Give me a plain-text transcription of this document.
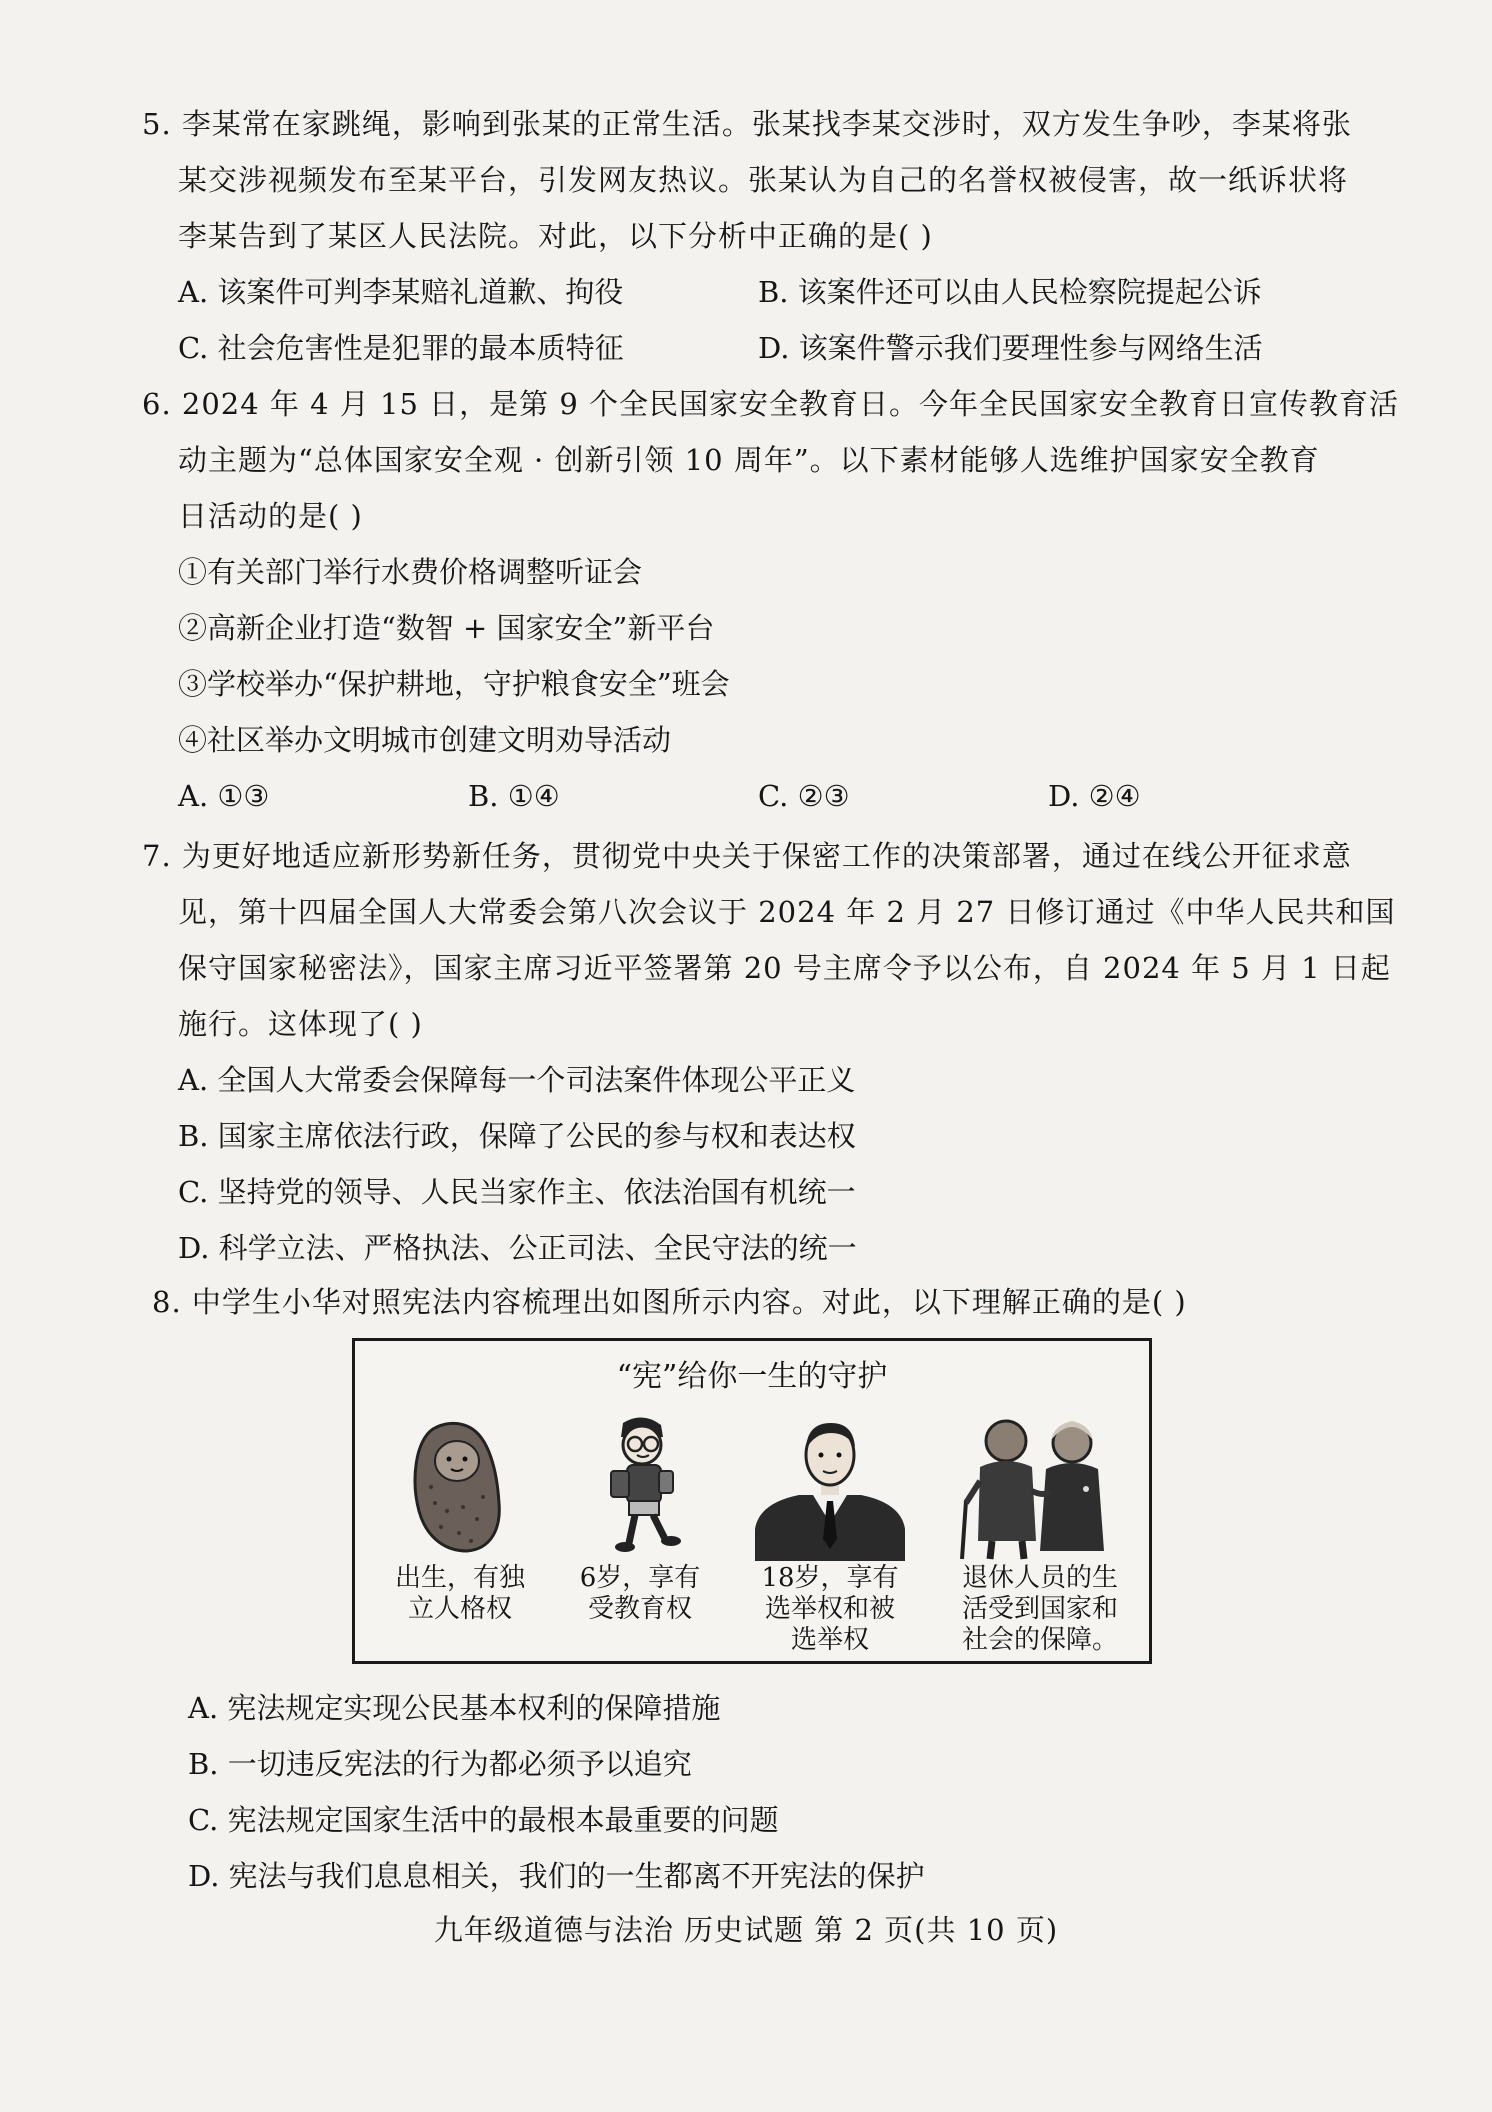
5. 李某常在家跳绳，影响到张某的正常生活。张某找李某交涉时，双方发生争吵，李某将张
某交涉视频发布至某平台，引发网友热议。张某认为自己的名誉权被侵害，故一纸诉状将
李某告到了某区人民法院。对此，以下分析中正确的是( )
A. 该案件可判李某赔礼道歉、拘役	B. 该案件还可以由人民检察院提起公诉
C. 社会危害性是犯罪的最本质特征	D. 该案件警示我们要理性参与网络生活
6. 2024 年 4 月 15 日，是第 9 个全民国家安全教育日。今年全民国家安全教育日宣传教育活
动主题为“总体国家安全观 · 创新引领 10 周年”。以下素材能够人选维护国家安全教育
日活动的是( )
①有关部门举行水费价格调整听证会
②高新企业打造“数智 + 国家安全”新平台
③学校举办“保护耕地，守护粮食安全”班会
④社区举办文明城市创建文明劝导活动
A. ①③	B. ①④	C. ②③	D. ②④
7. 为更好地适应新形势新任务，贯彻党中央关于保密工作的决策部署，通过在线公开征求意
见，第十四届全国人大常委会第八次会议于 2024 年 2 月 27 日修订通过《中华人民共和国
保守国家秘密法》，国家主席习近平签署第 20 号主席令予以公布，自 2024 年 5 月 1 日起
施行。这体现了( )
A. 全国人大常委会保障每一个司法案件体现公平正义
B. 国家主席依法行政，保障了公民的参与权和表达权
C. 坚持党的领导、人民当家作主、依法治国有机统一
D. 科学立法、严格执法、公正司法、全民守法的统一
8. 中学生小华对照宪法内容梳理出如图所示内容。对此，以下理解正确的是( )
“宪”给你一生的守护
出生，有独
立人格权
6岁，享有
受教育权
18岁，享有
选举权和被
选举权
退休人员的生
活受到国家和
社会的保障。
A. 宪法规定实现公民基本权利的保障措施
B. 一切违反宪法的行为都必须予以追究
C. 宪法规定国家生活中的最根本最重要的问题
D. 宪法与我们息息相关，我们的一生都离不开宪法的保护
九年级道德与法治 历史试题 第 2 页(共 10 页)
